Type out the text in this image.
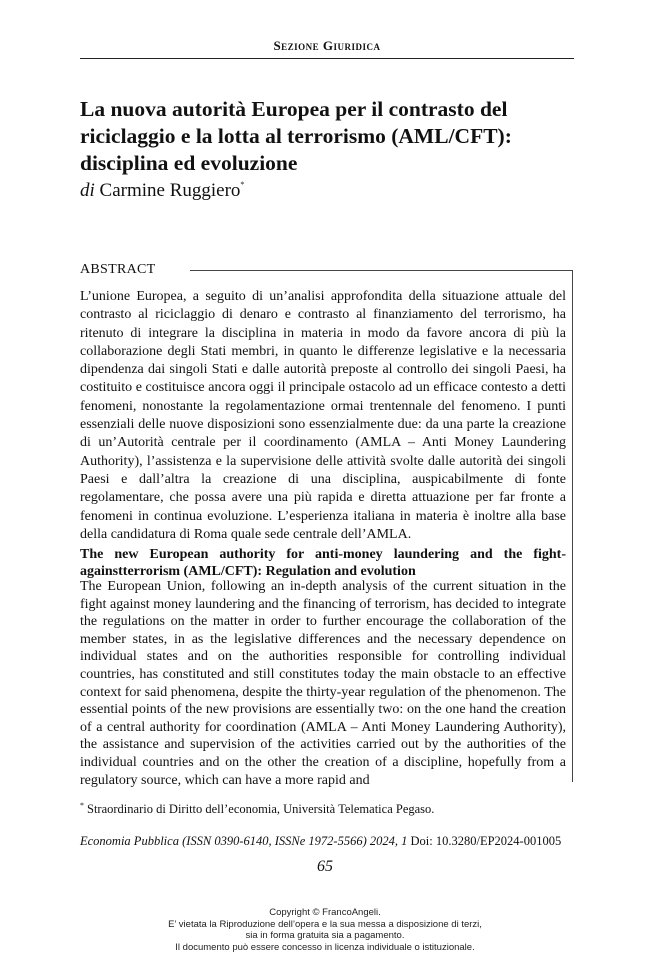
Sezione Giuridica
La nuova autorità Europea per il contrasto del riciclaggio e la lotta al terrorismo (AML/CFT): disciplina ed evoluzione
di Carmine Ruggiero*
ABSTRACT
L’unione Europea, a seguito di un’analisi approfondita della situazione attuale del contrasto al riciclaggio di denaro e contrasto al finanziamento del terrorismo, ha ritenuto di integrare la disciplina in materia in modo da favore ancora di più la collaborazione degli Stati membri, in quanto le differenze legislative e la necessaria dipendenza dai singoli Stati e dalle autorità preposte al controllo dei singoli Paesi, ha costituito e costituisce ancora oggi il principale ostacolo ad un efficace contesto a detti fenomeni, nonostante la regolamentazione ormai trentennale del fenomeno. I punti essenziali delle nuove disposizioni sono essenzialmente due: da una parte la creazione di un’Autorità centrale per il coordinamento (AMLA – Anti Money Laundering Authority), l’assistenza e la supervisione delle attività svolte dalle autorità dei singoli Paesi e dall’altra la creazione di una disciplina, auspicabilmente di fonte regolamentare, che possa avere una più rapida e diretta attuazione per far fronte a fenomeni in continua evoluzione. L’esperienza italiana in materia è inoltre alla base della candidatura di Roma quale sede centrale dell’AMLA.
The new European authority for anti-money laundering and the fight-againstterrorism (AML/CFT): Regulation and evolution
The European Union, following an in-depth analysis of the current situation in the fight against money laundering and the financing of terrorism, has decided to integrate the regulations on the matter in order to further encourage the collaboration of the member states, in as the legislative differences and the necessary dependence on individual states and on the authorities responsible for controlling individual countries, has constituted and still constitutes today the main obstacle to an effective context for said phenomena, despite the thirty-year regulation of the phenomenon. The essential points of the new provisions are essentially two: on the one hand the creation of a central authority for coordination (AMLA – Anti Money Laundering Authority), the assistance and supervision of the activities carried out by the authorities of the individual countries and on the other the creation of a discipline, hopefully from a regulatory source, which can have a more rapid and
* Straordinario di Diritto dell’economia, Università Telematica Pegaso.
Economia Pubblica (ISSN 0390-6140, ISSNe 1972-5566) 2024, 1 Doi: 10.3280/EP2024-001005
65
Copyright © FrancoAngeli.
E’ vietata la Riproduzione dell’opera e la sua messa a disposizione di terzi,
sia in forma gratuita sia a pagamento.
Il documento può essere concesso in licenza individuale o istituzionale.
